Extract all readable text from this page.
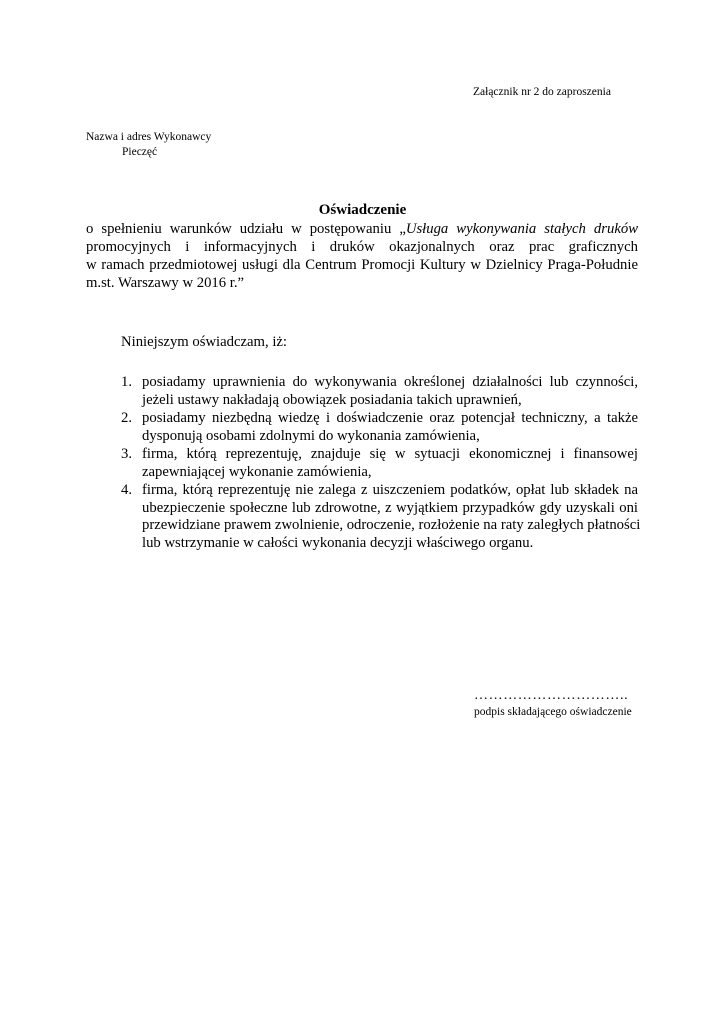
Załącznik nr 2 do zaproszenia
Nazwa i adres Wykonawcy
Pieczęć
Oświadczenie
o spełnieniu warunków udziału w postępowaniu „Usługa wykonywania stałych druków
promocyjnych i informacyjnych i druków okazjonalnych oraz prac graficznych
w ramach przedmiotowej usługi dla Centrum Promocji Kultury w Dzielnicy Praga-Południe
m.st. Warszawy w 2016 r.”
Niniejszym oświadczam, iż:
1. posiadamy uprawnienia do wykonywania określonej działalności lub czynności,
jeżeli ustawy nakładają obowiązek posiadania takich uprawnień,
2. posiadamy niezbędną wiedzę i doświadczenie oraz potencjał techniczny, a także
dysponują osobami zdolnymi do wykonania zamówienia,
3. firma, którą reprezentuję, znajduje się w sytuacji ekonomicznej i finansowej
zapewniającej wykonanie zamówienia,
4. firma, którą reprezentuję nie zalega z uiszczeniem podatków, opłat lub składek na
ubezpieczenie społeczne lub zdrowotne, z wyjątkiem przypadków gdy uzyskali oni
przewidziane prawem zwolnienie, odroczenie, rozłożenie na raty zaległych płatności
lub wstrzymanie w całości wykonania decyzji właściwego organu.
…………………………..
podpis składającego oświadczenie
